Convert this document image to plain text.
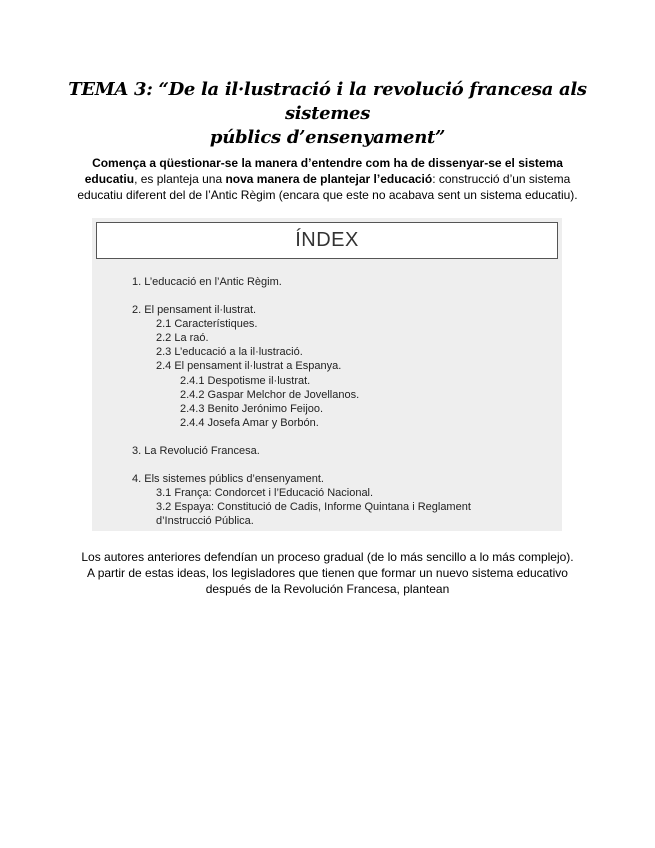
TEMA 3: “De la il·lustració i la revolució francesa als sistemes
públics d’ensenyament”
Comença a qüestionar-se la manera d’entendre com ha de dissenyar-se el sistema educatiu, es planteja una nova manera de plantejar l’educació: construcció d’un sistema educatiu diferent del de l’Antic Règim (encara que este no acabava sent un sistema educatiu).
ÍNDEX
1. L’educació en l’Antic Règim.
2. El pensament il·lustrat.
2.1 Característiques.
2.2 La raó.
2.3 L’educació a la il·lustració.
2.4 El pensament il·lustrat a Espanya.
2.4.1 Despotisme il·lustrat.
2.4.2 Gaspar Melchor de Jovellanos.
2.4.3 Benito Jerónimo Feijoo.
2.4.4 Josefa Amar y Borbón.
3. La Revolució Francesa.
4. Els sistemes públics d’ensenyament.
3.1 França: Condorcet i l’Educació Nacional.
3.2 Espaya: Constitució de Cadis, Informe Quintana i Reglament
d’Instrucció Pública.
Los autores anteriores defendían un proceso gradual (de lo más sencillo a lo más complejo).
A partir de estas ideas, los legisladores que tienen que formar un nuevo sistema educativo
después de la Revolución Francesa, plantean
